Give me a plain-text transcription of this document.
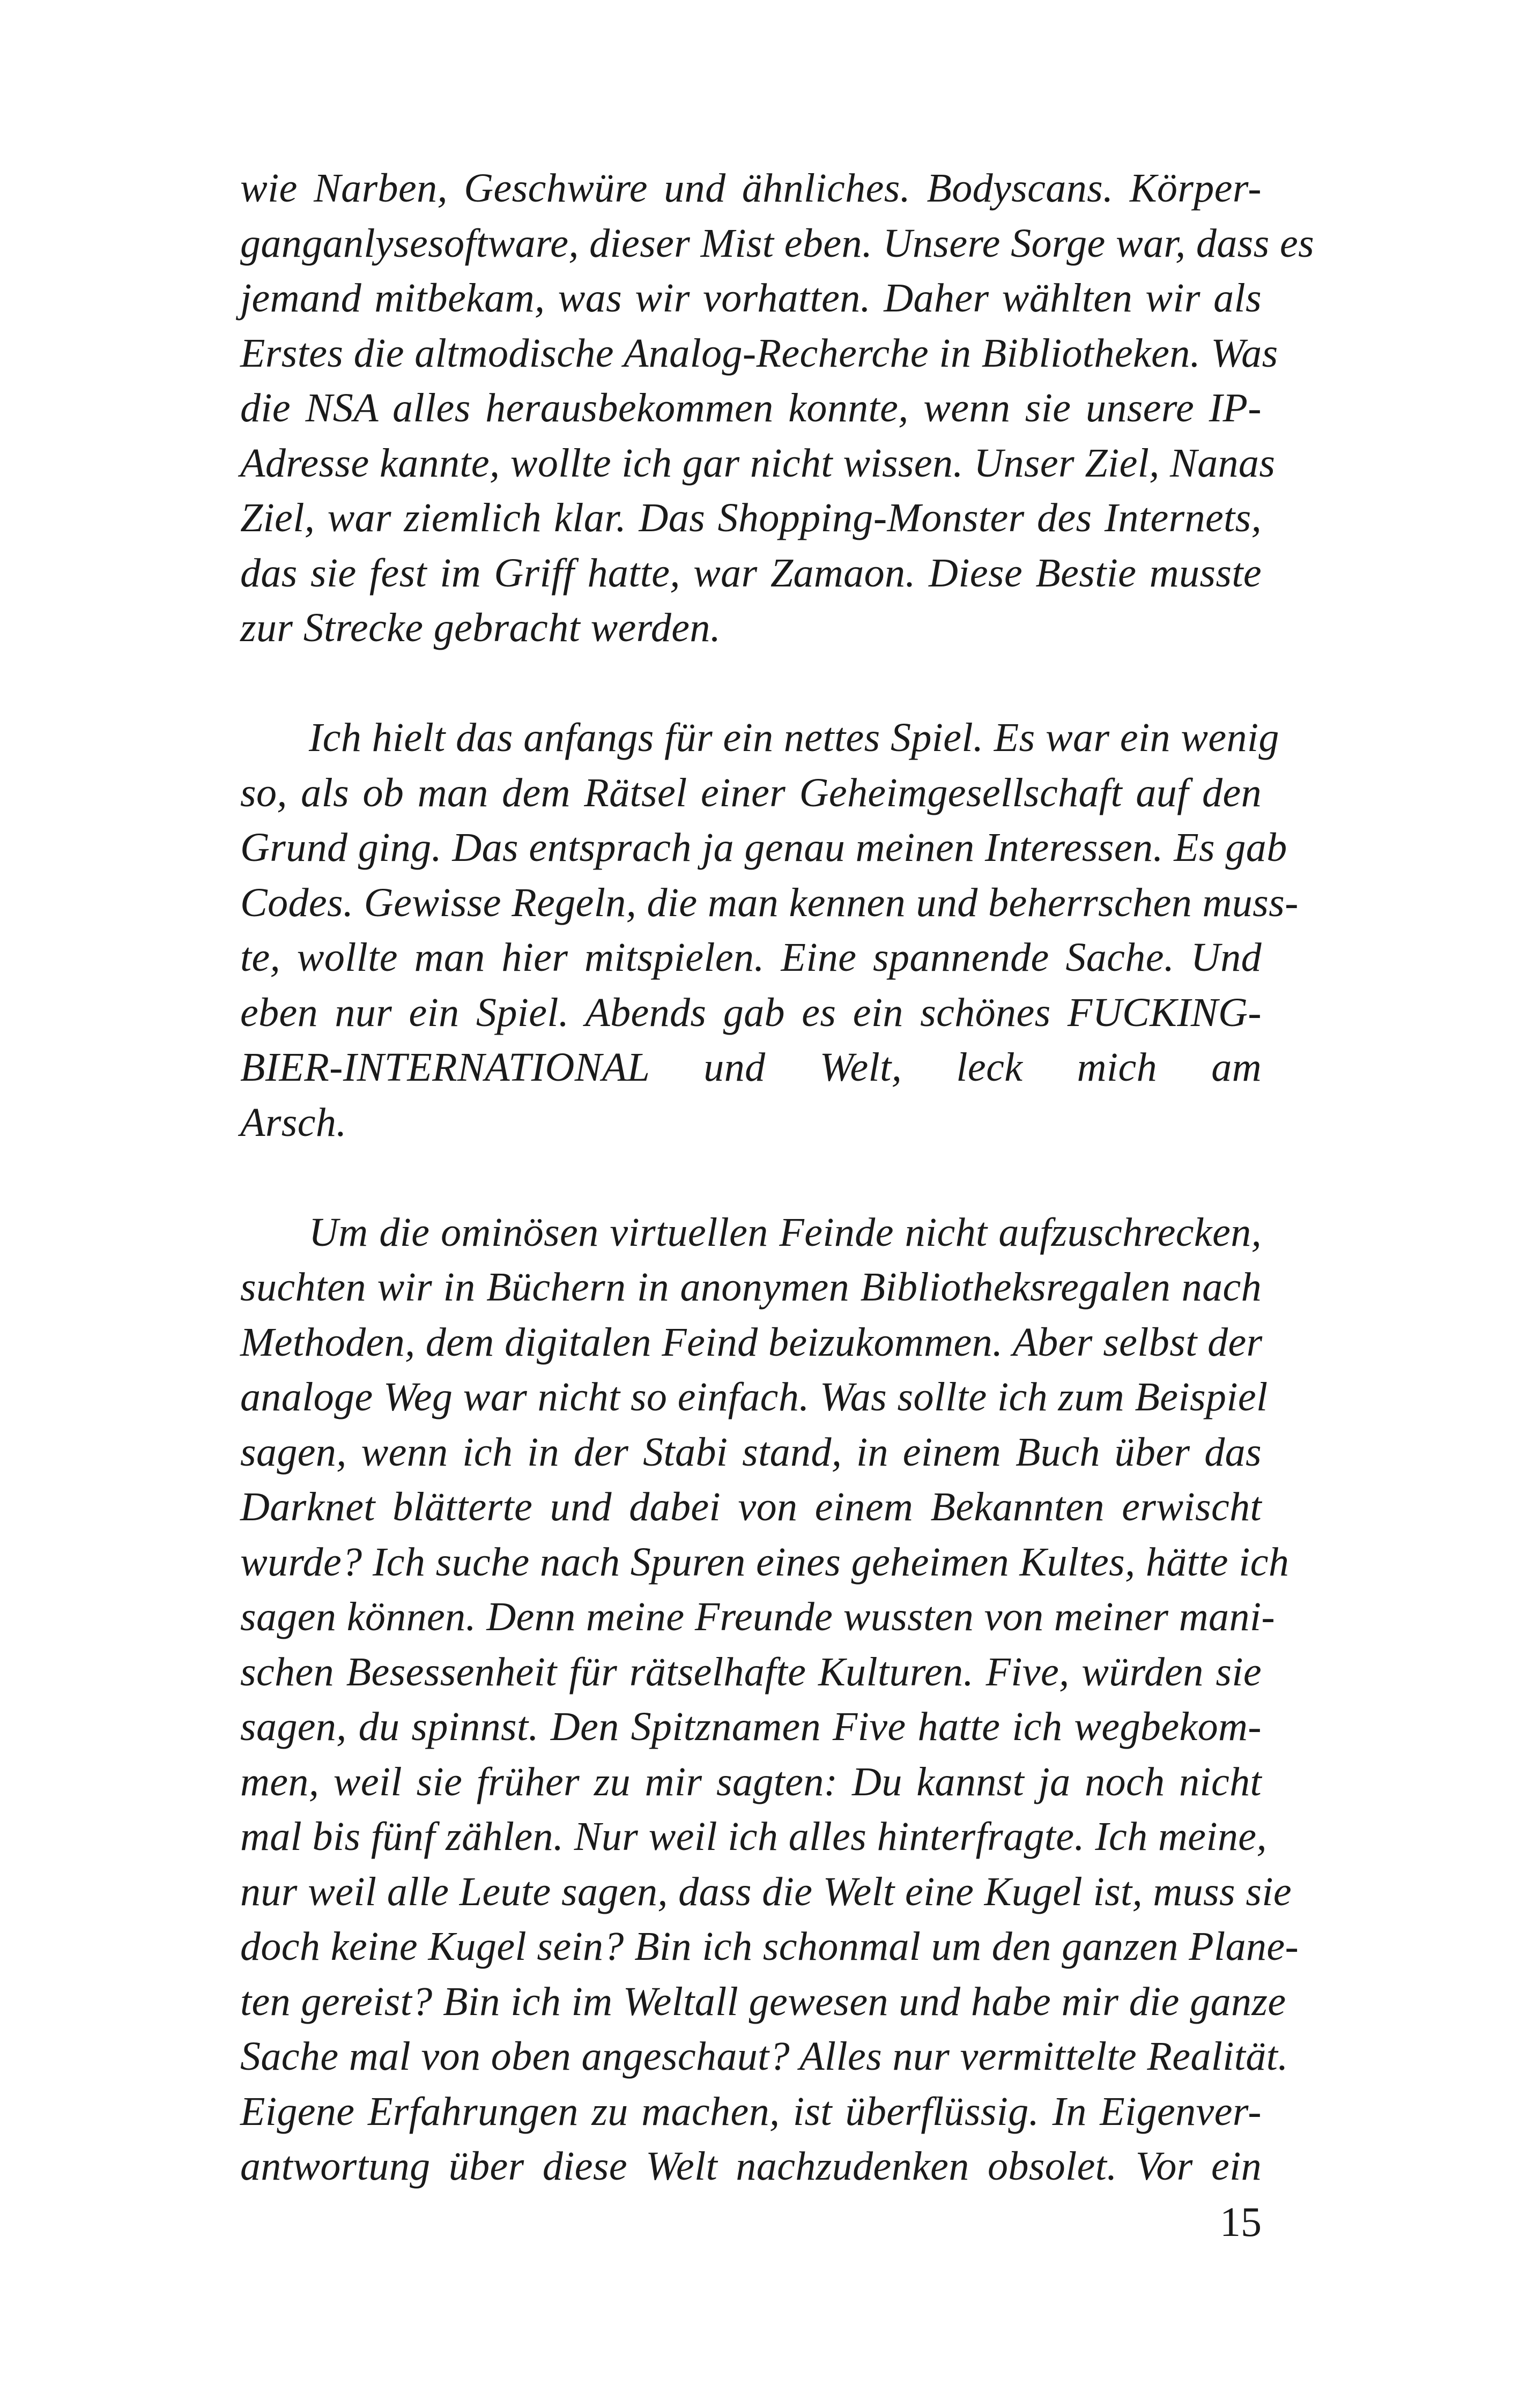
wie Narben, Geschwüre und ähnliches. Bodyscans. Körper-
ganganlysesoftware, dieser Mist eben. Unsere Sorge war, dass es
jemand mitbekam, was wir vorhatten. Daher wählten wir als
Erstes die altmodische Analog-Recherche in Bibliotheken. Was
die NSA alles herausbekommen konnte, wenn sie unsere IP-
Adresse kannte, wollte ich gar nicht wissen. Unser Ziel, Nanas
Ziel, war ziemlich klar. Das Shopping-Monster des Internets,
das sie fest im Griff hatte, war Zamaon. Diese Bestie musste
zur Strecke gebracht werden.
Ich hielt das anfangs für ein nettes Spiel. Es war ein wenig
so, als ob man dem Rätsel einer Geheimgesellschaft auf den
Grund ging. Das entsprach ja genau meinen Interessen. Es gab
Codes. Gewisse Regeln, die man kennen und beherrschen muss-
te, wollte man hier mitspielen. Eine spannende Sache. Und
eben nur ein Spiel. Abends gab es ein schönes FUCKING-
BIER-INTERNATIONAL und Welt, leck mich am
Arsch.
Um die ominösen virtuellen Feinde nicht aufzuschrecken,
suchten wir in Büchern in anonymen Bibliotheksregalen nach
Methoden, dem digitalen Feind beizukommen. Aber selbst der
analoge Weg war nicht so einfach. Was sollte ich zum Beispiel
sagen, wenn ich in der Stabi stand, in einem Buch über das
Darknet blätterte und dabei von einem Bekannten erwischt
wurde? Ich suche nach Spuren eines geheimen Kultes, hätte ich
sagen können. Denn meine Freunde wussten von meiner mani-
schen Besessenheit für rätselhafte Kulturen. Five, würden sie
sagen, du spinnst. Den Spitznamen Five hatte ich wegbekom-
men, weil sie früher zu mir sagten: Du kannst ja noch nicht
mal bis fünf zählen. Nur weil ich alles hinterfragte. Ich meine,
nur weil alle Leute sagen, dass die Welt eine Kugel ist, muss sie
doch keine Kugel sein? Bin ich schonmal um den ganzen Plane-
ten gereist? Bin ich im Weltall gewesen und habe mir die ganze
Sache mal von oben angeschaut? Alles nur vermittelte Realität.
Eigene Erfahrungen zu machen, ist überflüssig. In Eigenver-
antwortung über diese Welt nachzudenken obsolet. Vor ein
15
